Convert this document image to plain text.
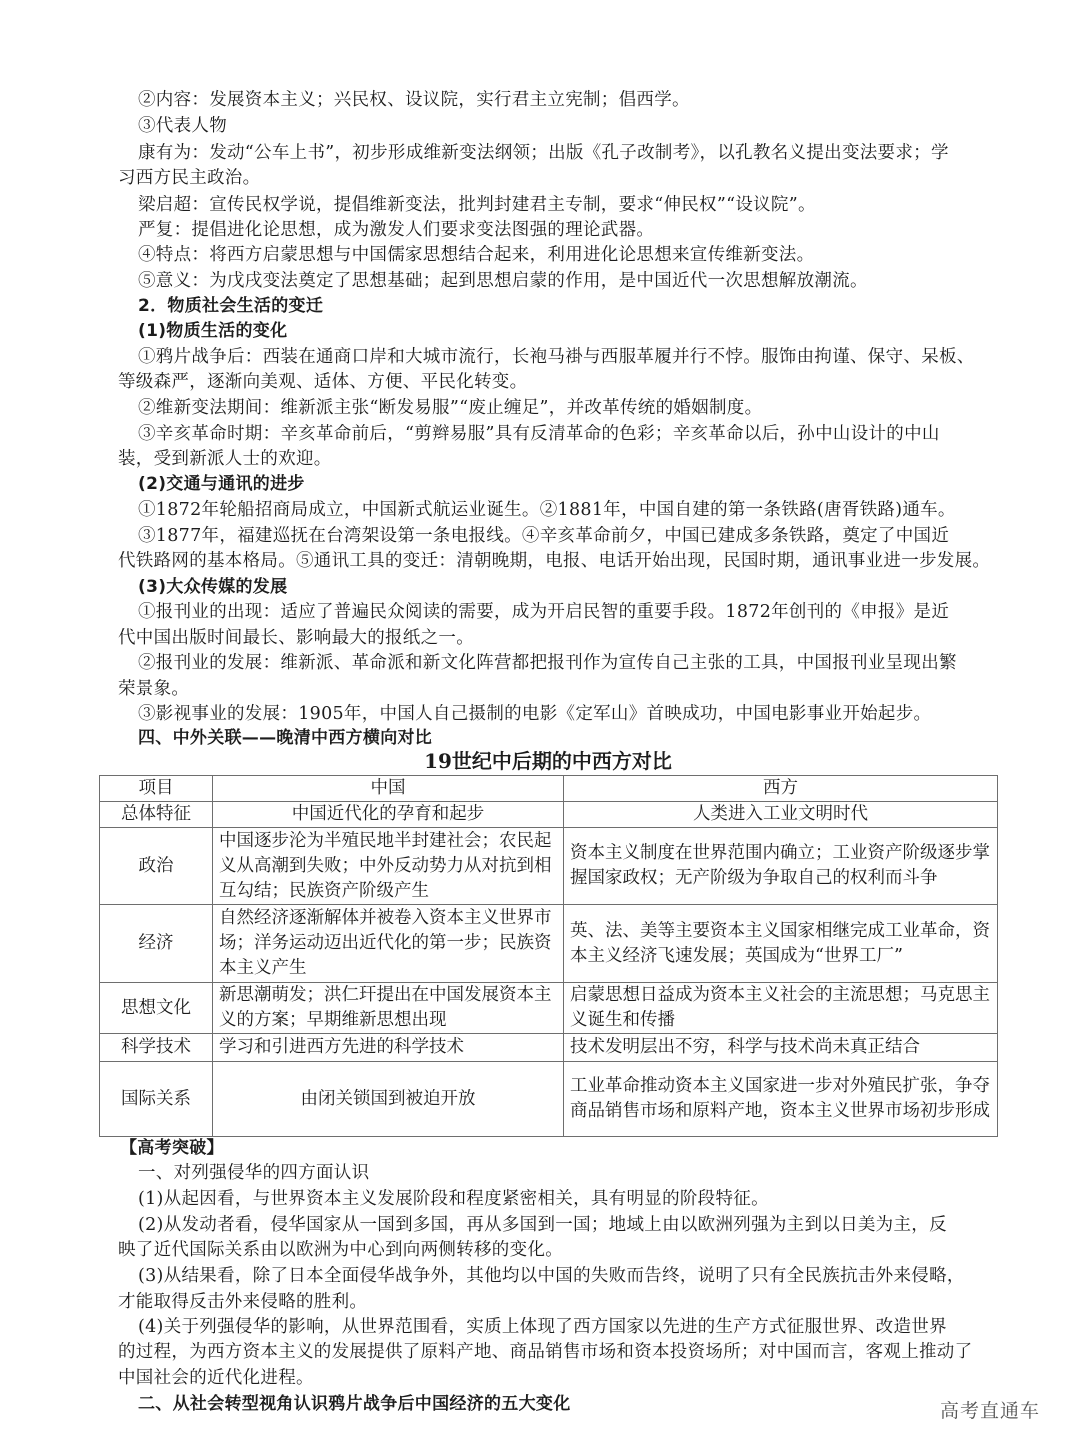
②内容：发展资本主义；兴民权、设议院，实行君主立宪制；倡西学。
③代表人物
康有为：发动“公车上书”，初步形成维新变法纲领；出版《孔子改制考》，以孔教名义提出变法要求；学
习西方民主政治。
梁启超：宣传民权学说，提倡维新变法，批判封建君主专制，要求“伸民权”“设议院”。
严复：提倡进化论思想，成为激发人们要求变法图强的理论武器。
④特点：将西方启蒙思想与中国儒家思想结合起来，利用进化论思想来宣传维新变法。
⑤意义：为戊戌变法奠定了思想基础；起到思想启蒙的作用，是中国近代一次思想解放潮流。
2．物质社会生活的变迁
(1)物质生活的变化
①鸦片战争后：西装在通商口岸和大城市流行，长袍马褂与西服革履并行不悖。服饰由拘谨、保守、呆板、
等级森严，逐渐向美观、适体、方便、平民化转变。
②维新变法期间：维新派主张“断发易服”“废止缠足”，并改革传统的婚姻制度。
③辛亥革命时期：辛亥革命前后，“剪辫易服”具有反清革命的色彩；辛亥革命以后，孙中山设计的中山
装，受到新派人士的欢迎。
(2)交通与通讯的进步
①1872年轮船招商局成立，中国新式航运业诞生。②1881年，中国自建的第一条铁路(唐胥铁路)通车。
③1877年，福建巡抚在台湾架设第一条电报线。④辛亥革命前夕，中国已建成多条铁路，奠定了中国近
代铁路网的基本格局。⑤通讯工具的变迁：清朝晚期，电报、电话开始出现，民国时期，通讯事业进一步发展。
(3)大众传媒的发展
①报刊业的出现：适应了普遍民众阅读的需要，成为开启民智的重要手段。1872年创刊的《申报》是近
代中国出版时间最长、影响最大的报纸之一。
②报刊业的发展：维新派、革命派和新文化阵营都把报刊作为宣传自己主张的工具，中国报刊业呈现出繁
荣景象。
③影视事业的发展：1905年，中国人自己摄制的电影《定军山》首映成功，中国电影事业开始起步。
四、中外关联——晚清中西方横向对比
19世纪中后期的中西方对比
项目	中国	西方
总体特征	中国近代化的孕育和起步	人类进入工业文明时代
政治	中国逐步沦为半殖民地半封建社会；农民起义从高潮到失败；中外反动势力从对抗到相互勾结；民族资产阶级产生	资本主义制度在世界范围内确立；工业资产阶级逐步掌握国家政权；无产阶级为争取自己的权利而斗争
经济	自然经济逐渐解体并被卷入资本主义世界市场；洋务运动迈出近代化的第一步；民族资本主义产生	英、法、美等主要资本主义国家相继完成工业革命，资本主义经济飞速发展；英国成为“世界工厂”
思想文化	新思潮萌发；洪仁玕提出在中国发展资本主义的方案；早期维新思想出现	启蒙思想日益成为资本主义社会的主流思想；马克思主义诞生和传播
科学技术	学习和引进西方先进的科学技术	技术发明层出不穷，科学与技术尚未真正结合
国际关系	由闭关锁国到被迫开放	工业革命推动资本主义国家进一步对外殖民扩张，争夺商品销售市场和原料产地，资本主义世界市场初步形成
【高考突破】
一、对列强侵华的四方面认识
(1)从起因看，与世界资本主义发展阶段和程度紧密相关，具有明显的阶段特征。
(2)从发动者看，侵华国家从一国到多国，再从多国到一国；地域上由以欧洲列强为主到以日美为主，反
映了近代国际关系由以欧洲为中心到向两侧转移的变化。
(3)从结果看，除了日本全面侵华战争外，其他均以中国的失败而告终，说明了只有全民族抗击外来侵略，
才能取得反击外来侵略的胜利。
(4)关于列强侵华的影响，从世界范围看，实质上体现了西方国家以先进的生产方式征服世界、改造世界
的过程，为西方资本主义的发展提供了原料产地、商品销售市场和资本投资场所；对中国而言，客观上推动了
中国社会的近代化进程。
二、从社会转型视角认识鸦片战争后中国经济的五大变化	高考直通车
